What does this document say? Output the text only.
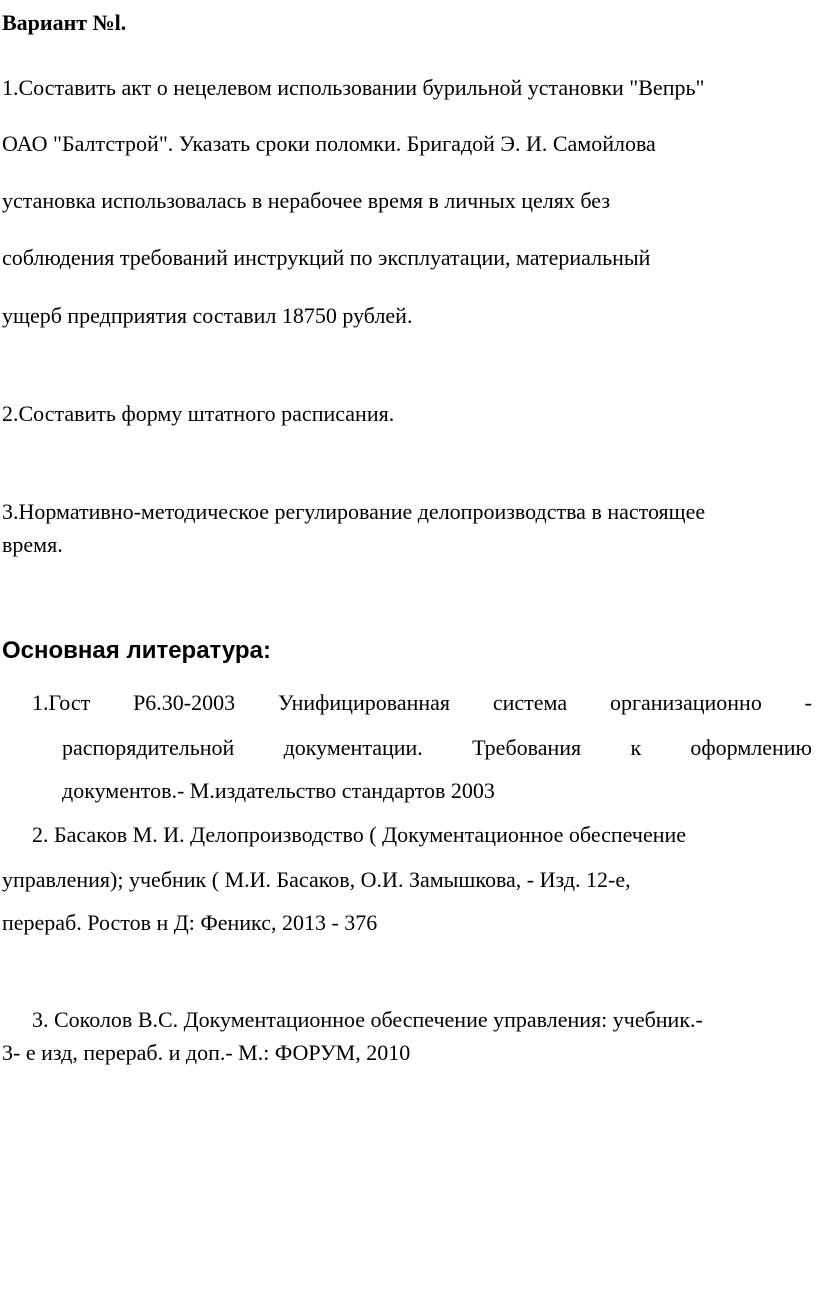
Вариант №l.
1.Составить акт о нецелевом использовании бурильной установки "Вепрь"
ОАО "Балтстрой". Указать сроки поломки. Бригадой Э. И. Самойлова
установка использовалась в нерабочее время в личных целях без
соблюдения требований инструкций по эксплуатации, материальный
ущерб предприятия составил 18750 рублей.
2.Составить форму штатного расписания.
3.Нормативно-методическое регулирование делопроизводства в настоящее
время.
Основная литература:
1.Гост Р6.30-2003 Унифицированная система организационно -
распорядительной документации. Требования к оформлению
документов.- М.издательство стандартов 2003
2. Басаков М. И. Делопроизводство ( Документационное обеспечение
управления); учебник ( М.И. Басаков, О.И. Замышкова, - Изд. 12-е,
перераб. Ростов н Д: Феникс, 2013 - 376
3. Соколов В.С. Документационное обеспечение управления: учебник.-
3- е изд, перераб. и доп.- М.: ФОРУМ, 2010
